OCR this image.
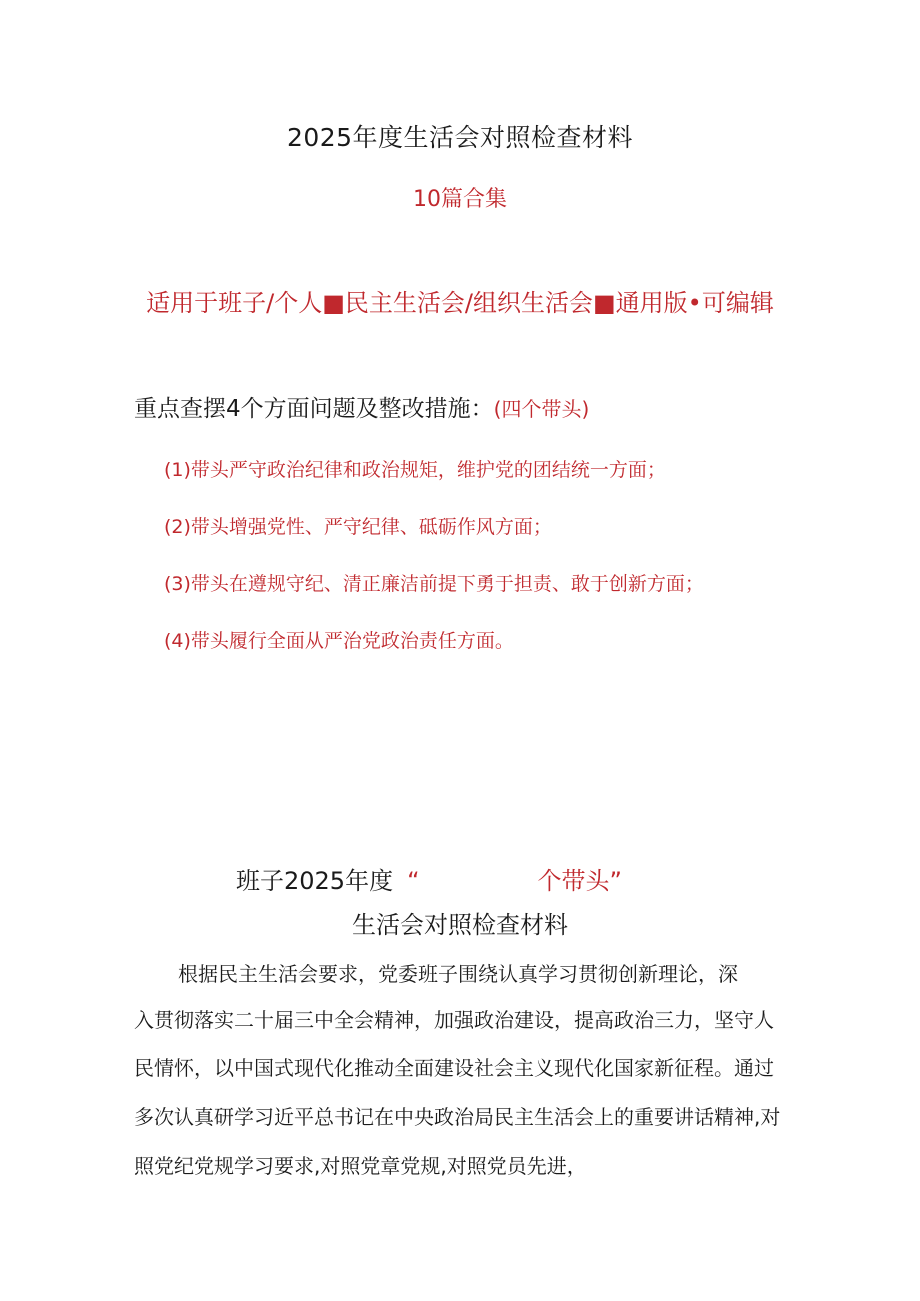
2025年度生活会对照检查材料
10篇合集
适用于班子/个人■民主生活会/组织生活会■通用版•可编辑
重点查摆4个方面问题及整改措施：(四个带头)
(1)带头严守政治纪律和政治规矩，维护党的团结统一方面；
(2)带头增强党性、严守纪律、砥砺作风方面；
(3)带头在遵规守纪、清正廉洁前提下勇于担责、敢于创新方面；
(4)带头履行全面从严治党政治责任方面。
班子2025年度 “	个带头”
生活会对照检查材料
根据民主生活会要求，党委班子围绕认真学习贯彻创新理论，深
入贯彻落实二十届三中全会精神，加强政治建设，提高政治三力，坚守人
民情怀，以中国式现代化推动全面建设社会主义现代化国家新征程。通过
多次认真研学习近平总书记在中央政治局民主生活会上的重要讲话精神,对
照党纪党规学习要求,对照党章党规,对照党员先进，
